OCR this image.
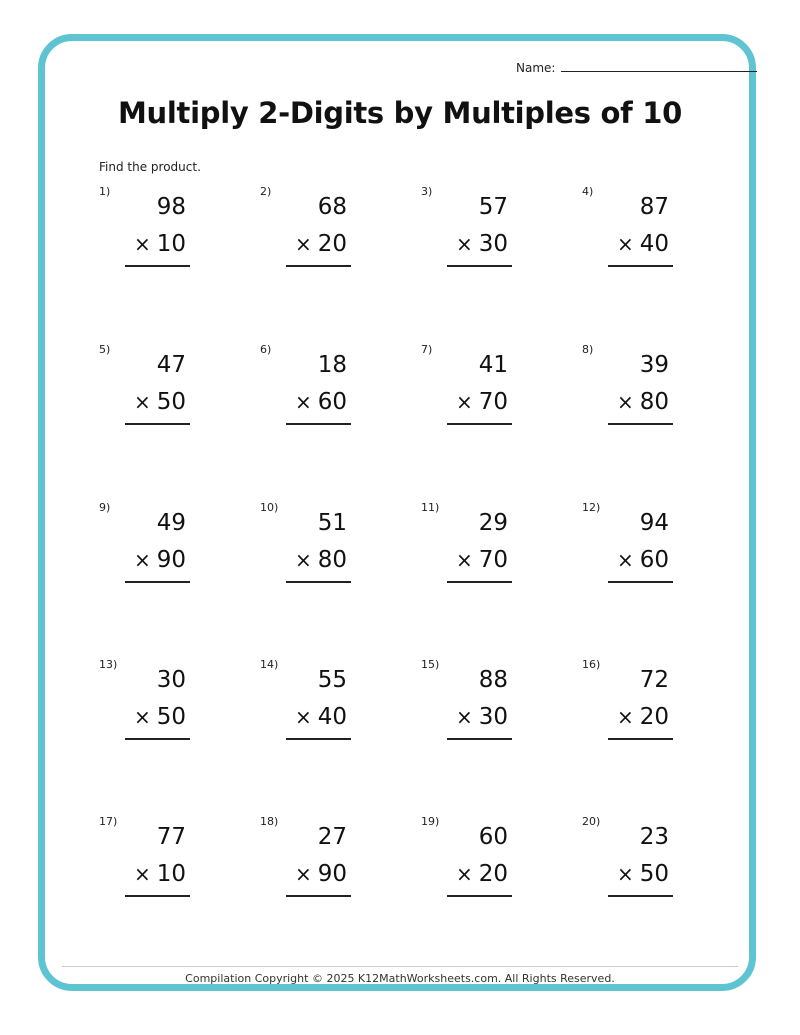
Name:
Multiply 2-Digits by Multiples of 10
Find the product.
1)
98
× 10
2)
68
× 20
3)
57
× 30
4)
87
× 40
5)
47
× 50
6)
18
× 60
7)
41
× 70
8)
39
× 80
9)
49
× 90
10)
51
× 80
11)
29
× 70
12)
94
× 60
13)
30
× 50
14)
55
× 40
15)
88
× 30
16)
72
× 20
17)
77
× 10
18)
27
× 90
19)
60
× 20
20)
23
× 50
Compilation Copyright © 2025 K12MathWorksheets.com. All Rights Reserved.
